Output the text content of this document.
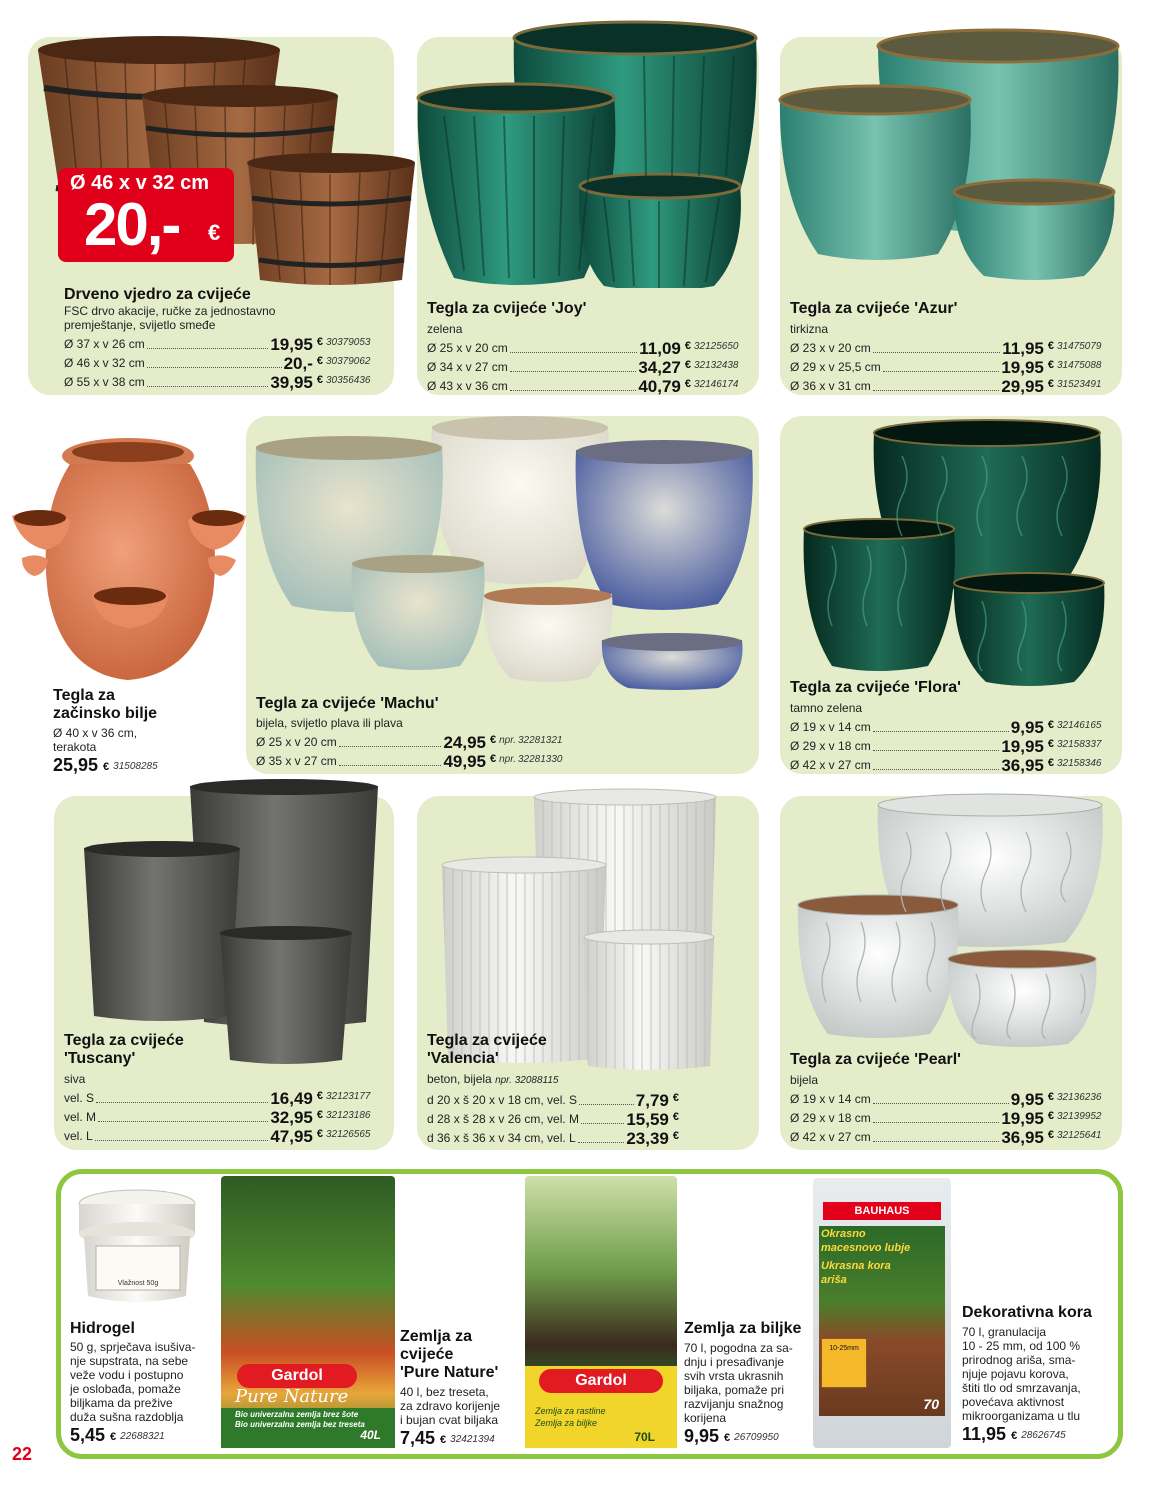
Ø 46 x v 32 cm
20,- €
Drveno vjedro za cvijeće
FSC drvo akacije, ručke za jednostavno
premještanje, svijetlo smeđe
Ø 37 x v 26 cm	19,95 € 30379053
Ø 46 x v 32 cm	20,- € 30379062
Ø 55 x v 38 cm	39,95 € 30356436
Tegla za cvijeće 'Joy'
zelena
Ø 25 x v 20 cm	11,09 € 32125650
Ø 34 x v 27 cm	34,27 € 32132438
Ø 43 x v 36 cm	40,79 € 32146174
Tegla za cvijeće 'Azur'
tirkizna
Ø 23 x v 20 cm	11,95 € 31475079
Ø 29 x v 25,5 cm	19,95 € 31475088
Ø 36 x v 31 cm	29,95 € 31523491
Tegla za
začinsko bilje
Ø 40 x v 36 cm,
terakota
25,95 € 31508285
Tegla za cvijeće 'Machu'
bijela, svijetlo plava ili plava
Ø 25 x v 20 cm	24,95 € npr. 32281321
Ø 35 x v 27 cm	49,95 € npr. 32281330
Tegla za cvijeće 'Flora'
tamno zelena
Ø 19 x v 14 cm	9,95 € 32146165
Ø 29 x v 18 cm	19,95 € 32158337
Ø 42 x v 27 cm	36,95 € 32158346
Tegla za cvijeće
'Tuscany'
siva
vel. S	16,49 € 32123177
vel. M	32,95 € 32123186
vel. L	47,95 € 32126565
Tegla za cvijeće
'Valencia'
beton, bijela npr. 32088115
d 20 x š 20 x v 18 cm, vel. S	7,79 €
d 28 x š 28 x v 26 cm, vel. M	15,59 €
d 36 x š 36 x v 34 cm, vel. L	23,39 €
Tegla za cvijeće 'Pearl'
bijela
Ø 19 x v 14 cm	9,95 € 32136236
Ø 29 x v 18 cm	19,95 € 32139952
Ø 42 x v 27 cm	36,95 € 32125641
Vlažnost 50g
Hidrogel
50 g, sprječava isušiva-
nje supstrata, na sebe
veže vodu i postupno
je oslobađa, pomaže
biljkama da prežive
duža sušna razdoblja
5,45 € 22688321
Gardol
Pure Nature
Bio univerzalna zemlja brez šote
Bio univerzalna zemlja bez treseta
40L
Zemlja za
cvijeće
'Pure Nature'
40 l, bez treseta,
za zdravo korijenje
i bujan cvat biljaka
7,45 € 32421394
Gardol
Zemlja za rastline
Zemlja za biljke
70L
Zemlja za biljke
70 l, pogodna za sa-
dnju i presađivanje
svih vrsta ukrasnih
biljaka, pomaže pri
razvijanju snažnog
korijena
9,95 € 26709950
BAUHAUS
Okrasno
macesnovo lubje
Ukrasna kora
ariša
10-25mm
70
Dekorativna kora
70 l, granulacija
10 - 25 mm, od 100 %
prirodnog ariša, sma-
njuje pojavu korova,
štiti tlo od smrzavanja,
povećava aktivnost
mikroorganizama u tlu
11,95 € 28626745
22
